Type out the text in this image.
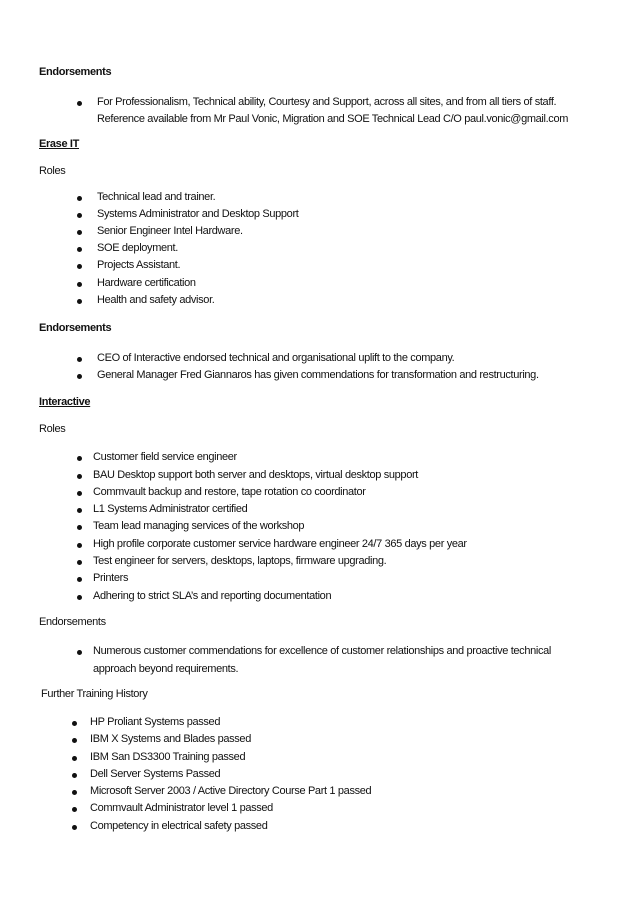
Endorsements
For Professionalism, Technical ability, Courtesy and Support, across all sites, and from all tiers of staff.
Reference available from Mr Paul Vonic, Migration and SOE Technical Lead C/O paul.vonic@gmail.com
Erase IT
Roles
Technical lead and trainer.
Systems Administrator and Desktop Support
Senior Engineer Intel Hardware.
SOE deployment.
Projects Assistant.
Hardware certification
Health and safety advisor.
Endorsements
CEO of Interactive endorsed technical and organisational uplift to the company.
General Manager Fred Giannaros has given commendations for transformation and restructuring.
Interactive
Roles
Customer field service engineer
BAU Desktop support both server and desktops, virtual desktop support
Commvault backup and restore, tape rotation co coordinator
L1 Systems Administrator certified
Team lead managing services of the workshop
High profile corporate customer service hardware engineer 24/7 365 days per year
Test engineer for servers, desktops, laptops, firmware upgrading.
Printers
Adhering to strict SLA’s and reporting documentation
Endorsements
Numerous customer commendations for excellence of customer relationships and proactive technical
approach beyond requirements.
Further Training History
HP Proliant Systems passed
IBM X Systems and Blades passed
IBM San DS3300 Training passed
Dell Server Systems Passed
Microsoft Server 2003 / Active Directory Course Part 1 passed
Commvault Administrator level 1 passed
Competency in electrical safety passed
